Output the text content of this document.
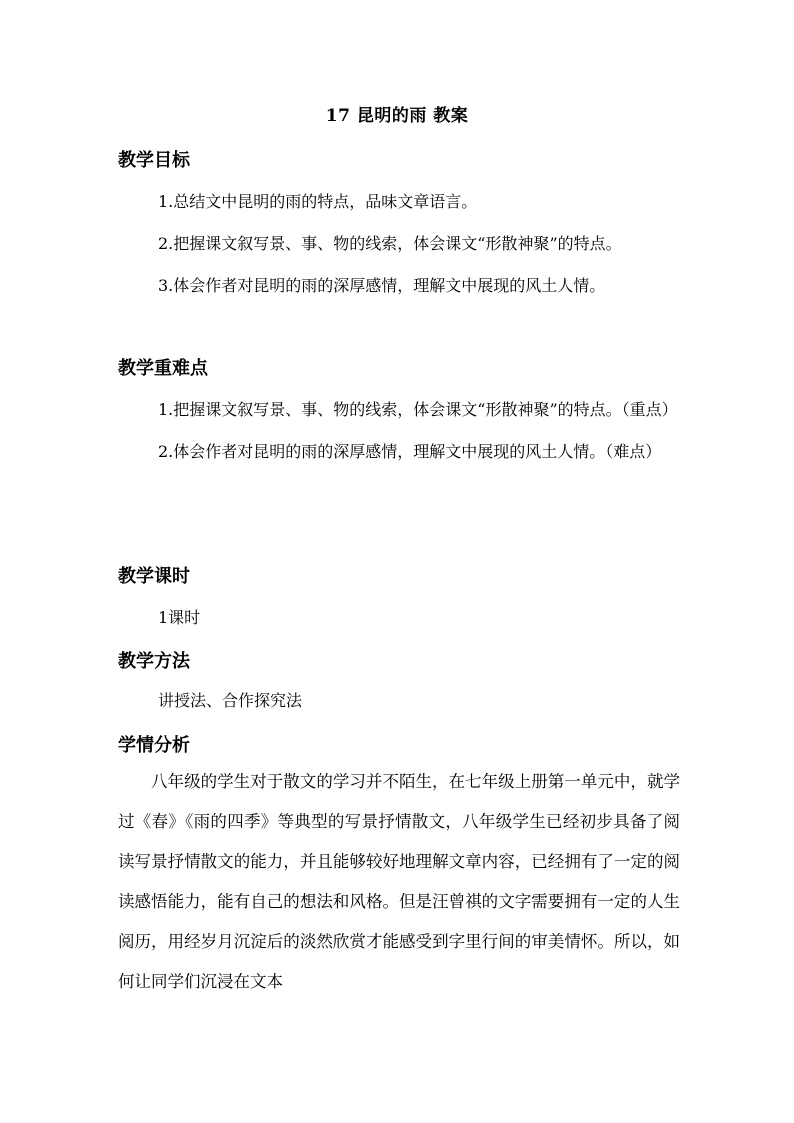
17 昆明的雨 教案
教学目标

1.总结文中昆明的雨的特点，品味文章语言。

2.把握课文叙写景、事、物的线索，体会课文“形散神聚”的特点。

3.体会作者对昆明的雨的深厚感情，理解文中展现的风土人情。

教学重难点

1.把握课文叙写景、事、物的线索，体会课文“形散神聚”的特点。（重点）

2.体会作者对昆明的雨的深厚感情，理解文中展现的风土人情。（难点）

教学课时

1课时

教学方法

讲授法、合作探究法

学情分析

八年级的学生对于散文的学习并不陌生，在七年级上册第一单元中，就学过《春》《雨的四季》等典型的写景抒情散文，八年级学生已经初步具备了阅读写景抒情散文的能力，并且能够较好地理解文章内容，已经拥有了一定的阅读感悟能力，能有自己的想法和风格。但是汪曾祺的文字需要拥有一定的人生阅历，用经岁月沉淀后的淡然欣赏才能感受到字里行间的审美情怀。所以，如何让同学们沉浸在文本
